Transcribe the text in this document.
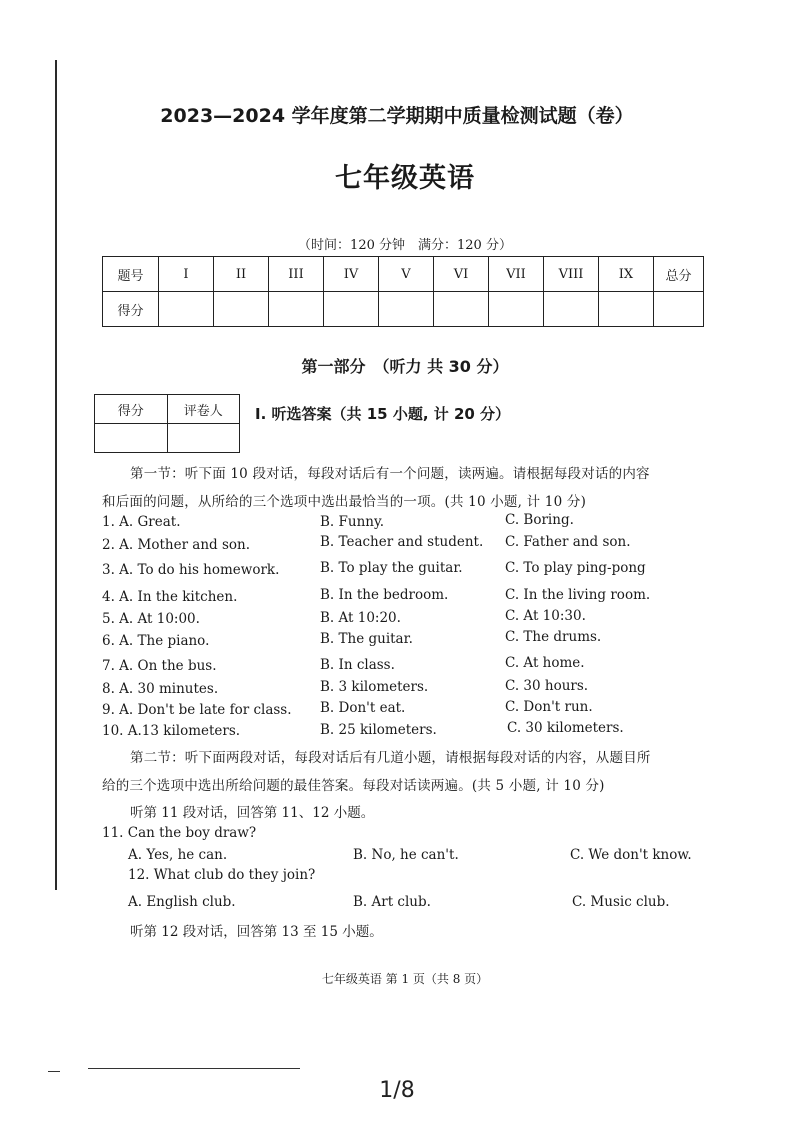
2023—2024 学年度第二学期期中质量检测试题（卷）
七年级英语
（时间：120 分钟　满分：120 分）
题号	I	II	III	IV	V	VI	VII	VIII	IX	总分
得分										
第一部分　（听力 共 30 分）
得分	评卷人
	I. 听选答案（共 15 小题, 计 20 分）
第一节：听下面 10 段对话，每段对话后有一个问题，读两遍。请根据每段对话的内容
和后面的问题，从所给的三个选项中选出最恰当的一项。(共 10 小题, 计 10 分)
1. A. Great.	B. Funny.	C. Boring.
2. A. Mother and son.	B. Teacher and student. C. Father and son.
3. A. To do his homework.	B. To play the guitar.	C. To play ping-pong
4. A. In the kitchen.	B. In the bedroom.	C. In the living room.
5. A. At 10:00.	B. At 10:20.	C. At 10:30.
6. A. The piano.	B. The guitar.	C. The drums.
7. A. On the bus.	B. In class.	C. At home.
8. A. 30 minutes.	B. 3 kilometers.	C. 30 hours.
9. A. Don't be late for class. B. Don't eat.	C. Don't run.
10. A.13 kilometers.	B. 25 kilometers.	C. 30 kilometers.
第二节：听下面两段对话，每段对话后有几道小题，请根据每段对话的内容，从题目所
给的三个选项中选出所给问题的最佳答案。每段对话读两遍。(共 5 小题, 计 10 分)
听第 11 段对话，回答第 11、12 小题。
11. Can the boy draw?
A. Yes, he can.	B. No, he can't.	C. We don't know.
12. What club do they join?
A. English club.	B. Art club.	C. Music club.
听第 12 段对话，回答第 13 至 15 小题。
七年级英语 第 1 页（共 8 页）
1/8
